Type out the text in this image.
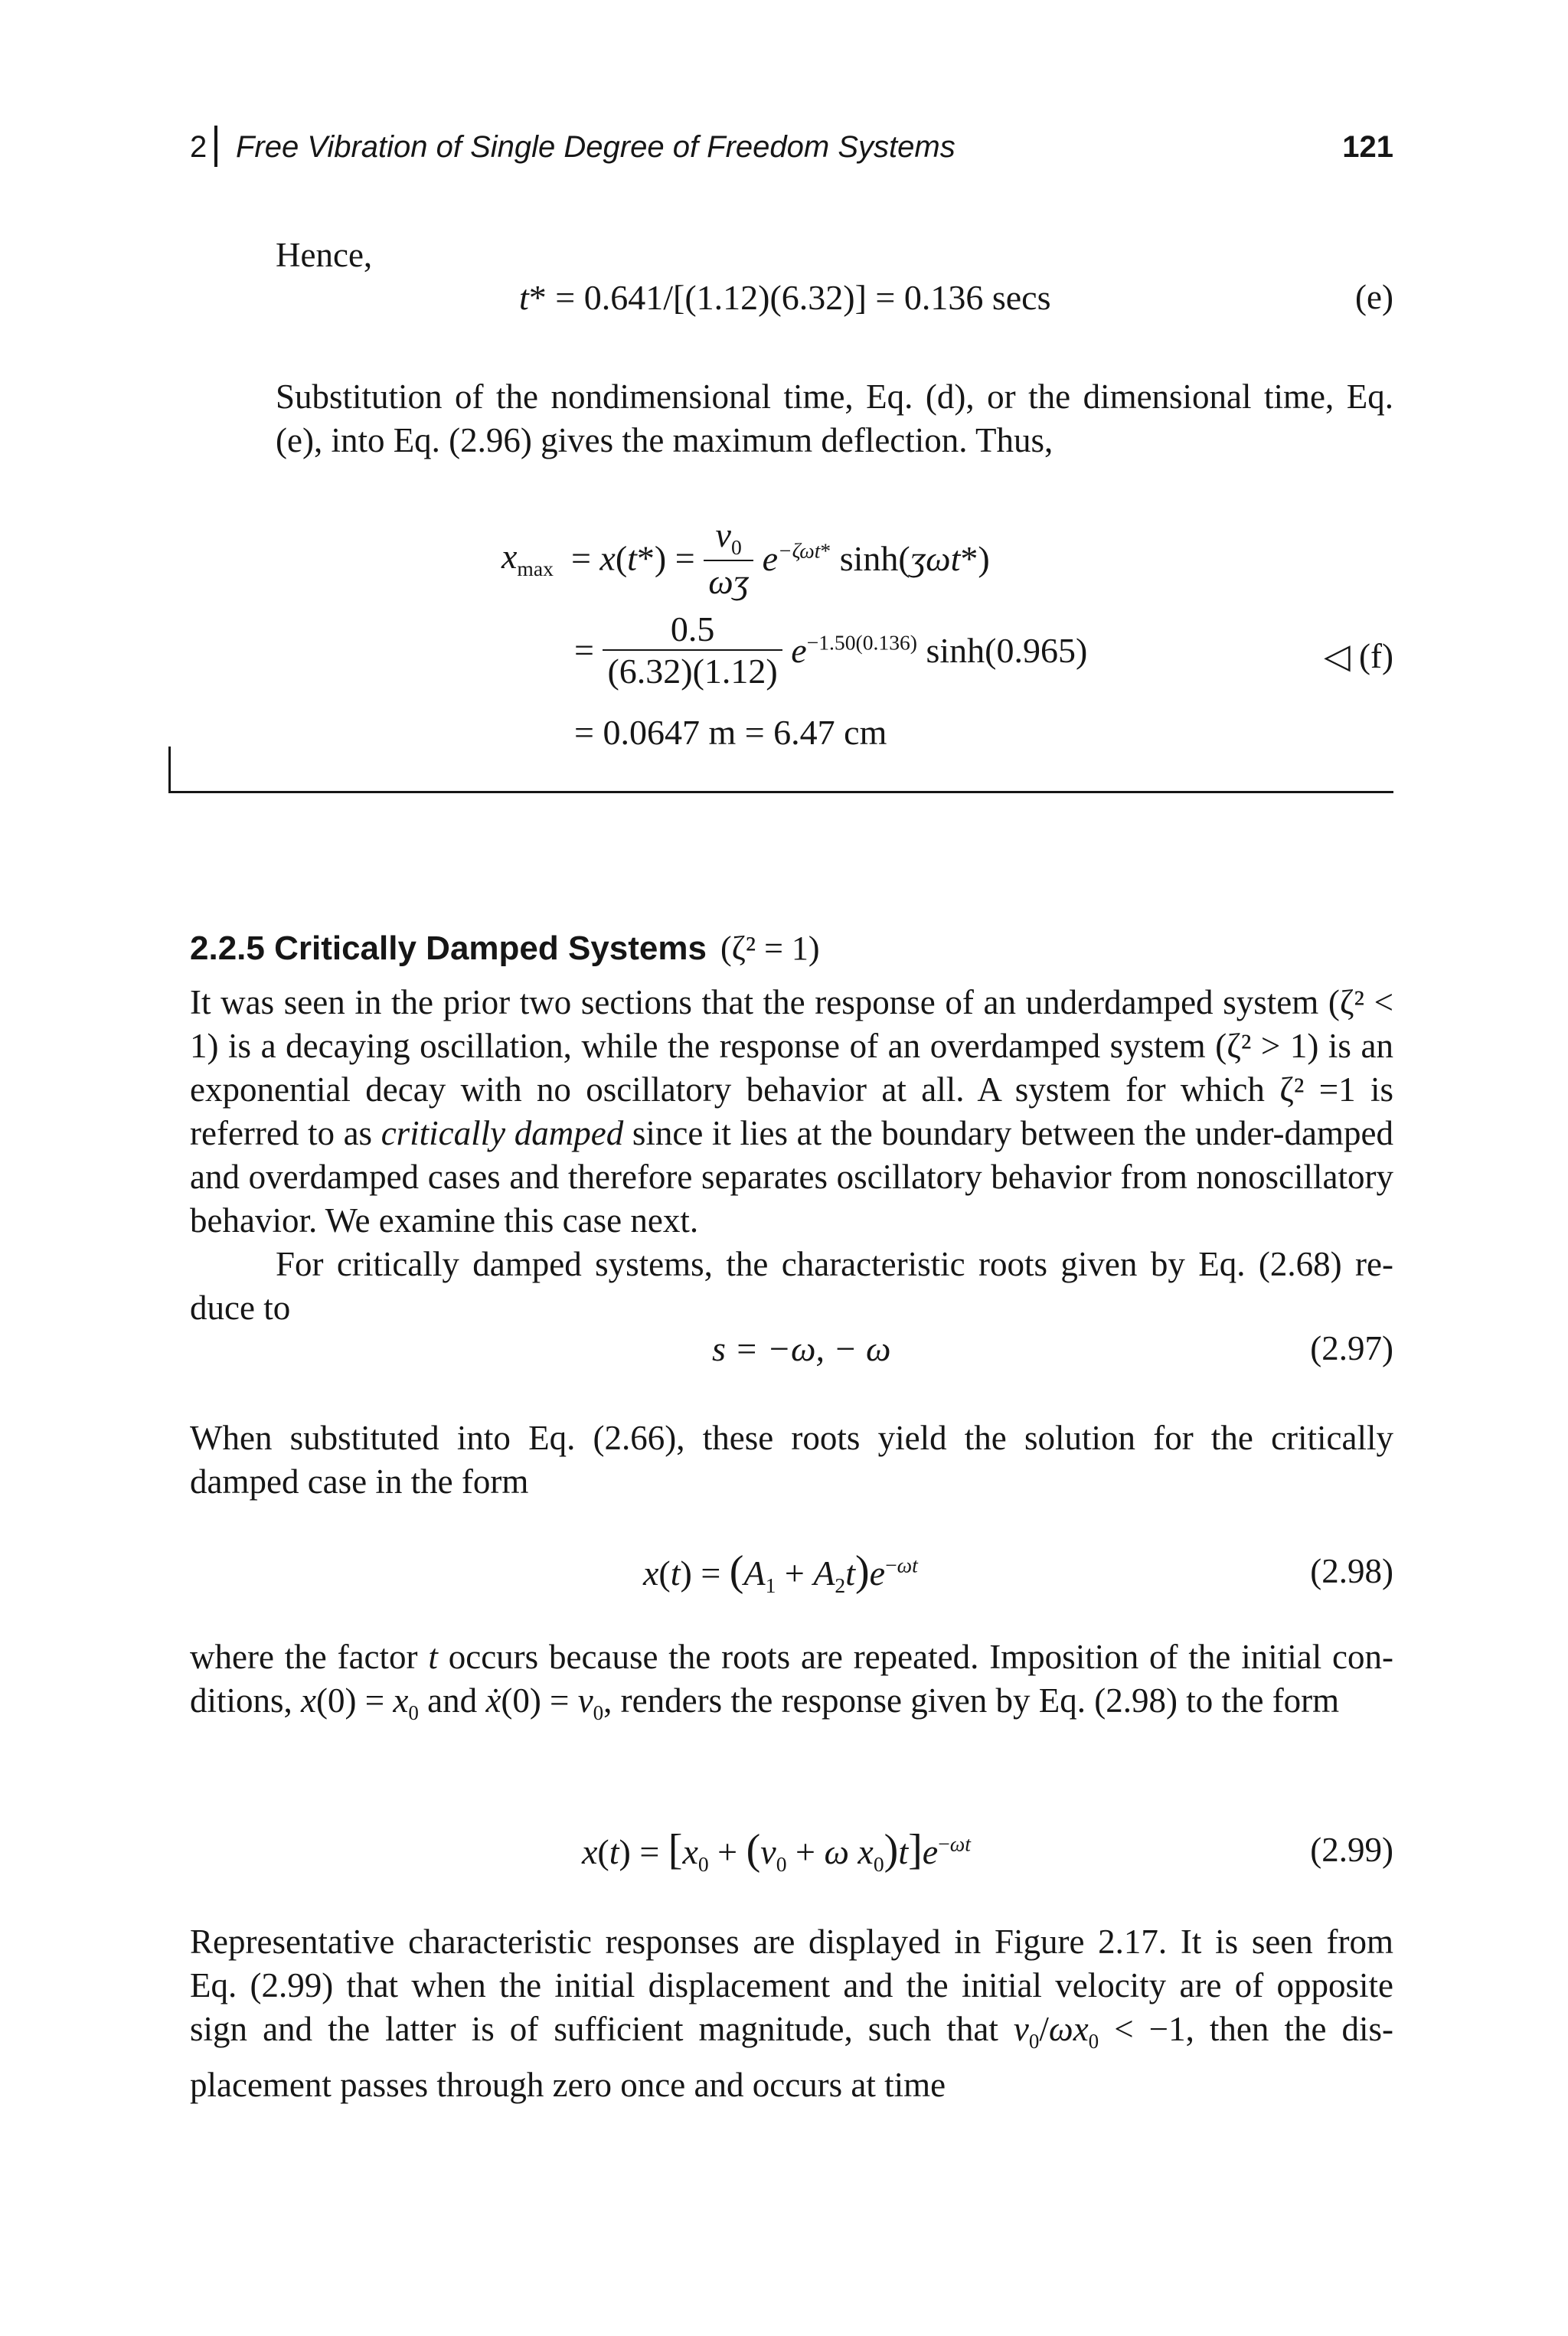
2 Free Vibration of Single Degree of Freedom Systems	121
Hence,
t* = 0.641/[(1.12)(6.32)] = 0.136 secs	(e)

Substitution of the nondimensional time, Eq. (d), or the dimensional time, Eq. (e), into Eq. (2.96) gives the maximum deflection. Thus,

$x_{max} = x(t*) = \frac{v_0}{\text{ωʒ}} e^{-\zeta\omega t*}$ sinh(ʒωt*)
= $\frac{0.5}{(6.32)(1.12)} e^{-1.50(0.136)}$ sinh(0.965)	◁ (f)
= 0.0647 m = 6.47 cm
2.2.5 Critically Damped Systems (ζ² = 1)

It was seen in the prior two sections that the response of an underdamped system (ζ² < 1) is a decaying oscillation, while the response of an overdamped system (ζ² > 1) is an exponential decay with no oscillatory behavior at all. A system for which ζ² =1 is referred to as critically damped since it lies at the boundary between the under-damped and overdamped cases and therefore separates oscillatory behavior from nonoscillatory behavior. We examine this case next.

For critically damped systems, the characteristic roots given by Eq. (2.68) re-duce to

s = −ω, − ω	(2.97)

When substituted into Eq. (2.66), these roots yield the solution for the critically damped case in the form

$x(t) = (A_1 + A_2t)e^{-\omega t}$	(2.98)

where the factor t occurs because the roots are repeated. Imposition of the initial con-ditions, $x(0) = x_0$ and ẋ(0) = $v_0$, renders the response given by Eq. (2.98) to the form

$x(t) = [x_0 + (v_0 + \omega$ $x_0)t]e^{-\omega t}$	(2.99)

Representative characteristic responses are displayed in Figure 2.17. It is seen from Eq. (2.99) that when the initial displacement and the initial velocity are of opposite sign and the latter is of sufficient magnitude, such that $v_0/\omega x_0 < -1$, then the dis-placement passes through zero once and occurs at time
